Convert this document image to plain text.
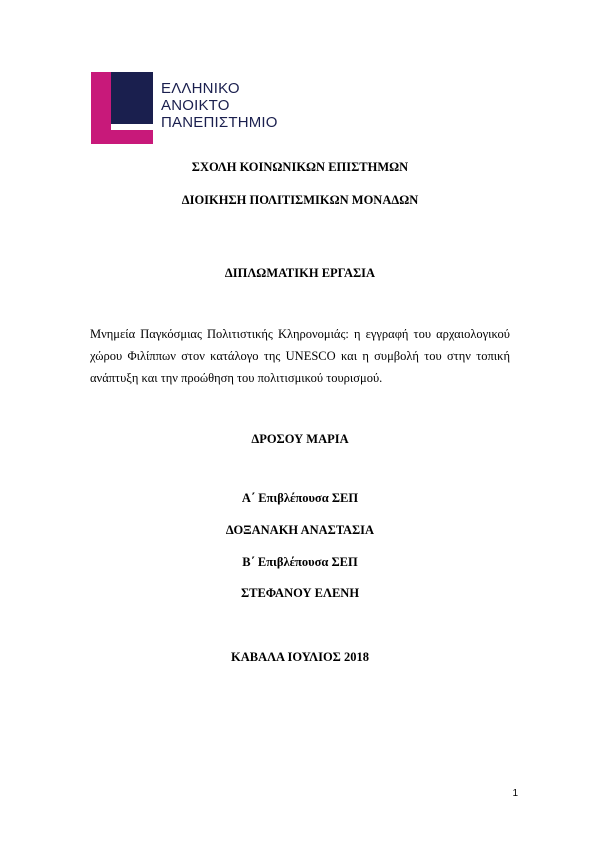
ΕΛΛΗΝΙΚΟ
ΑΝΟΙΚΤΟ
ΠΑΝΕΠΙΣΤΗΜΙΟ
ΣΧΟΛΗ ΚΟΙΝΩΝΙΚΩΝ ΕΠΙΣΤΗΜΩΝ
ΔΙΟΙΚΗΣΗ ΠΟΛΙΤΙΣΜΙΚΩΝ ΜΟΝΑΔΩΝ
ΔΙΠΛΩΜΑΤΙΚΗ ΕΡΓΑΣΙΑ
Μνημεία Παγκόσμιας Πολιτιστικής Κληρονομιάς: η εγγραφή του αρχαιολογικού χώρου Φιλίππων στον κατάλογο της UNESCO και η συμβολή του στην τοπική ανάπτυξη και την προώθηση του πολιτισμικού τουρισμού.
ΔΡΟΣΟΥ ΜΑΡΙΑ
Α΄ Επιβλέπουσα ΣΕΠ
ΔΟΞΑΝΑΚΗ ΑΝΑΣΤΑΣΙΑ
Β΄ Επιβλέπουσα ΣΕΠ
ΣΤΕΦΑΝΟΥ ΕΛΕΝΗ
ΚΑΒΑΛΑ ΙΟΥΛΙΟΣ 2018
1
